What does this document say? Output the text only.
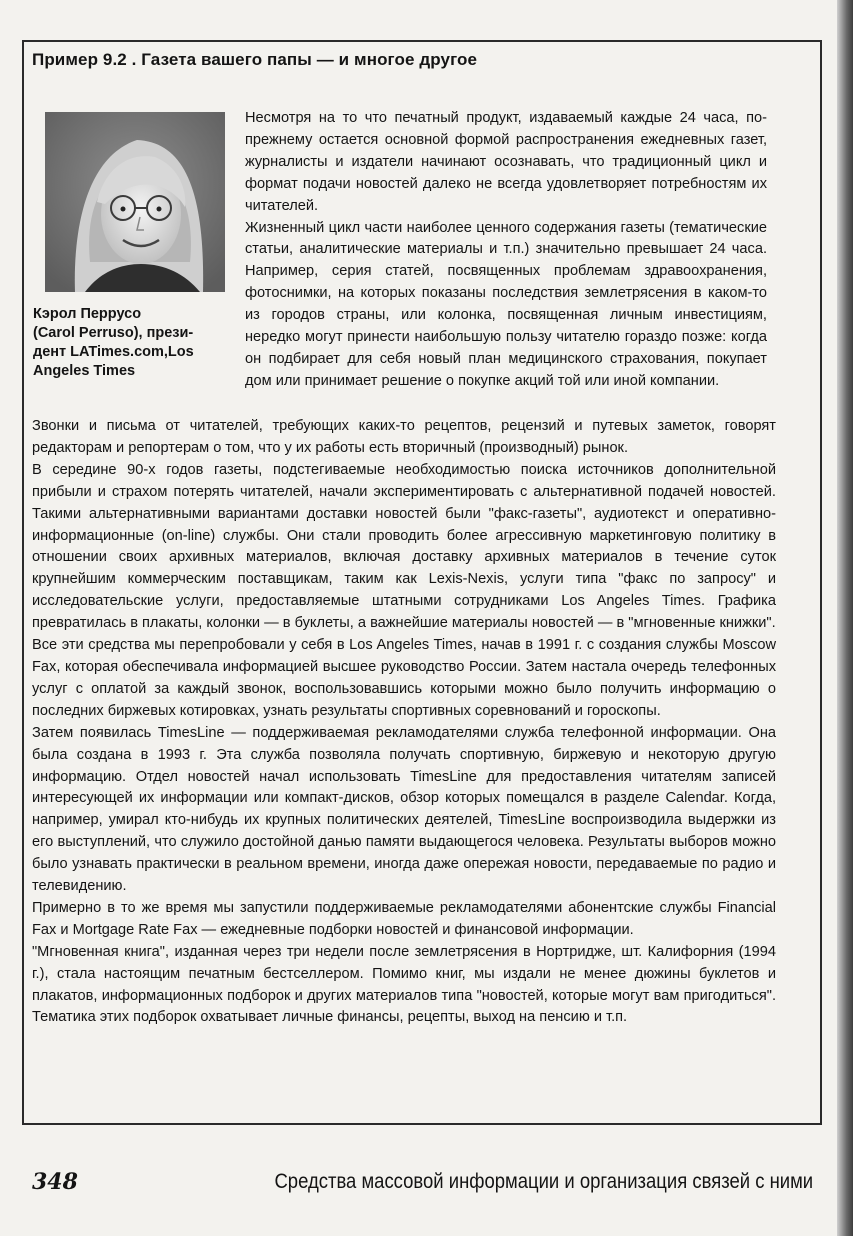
Пример 9.2 . Газета вашего папы — и многое другое
Кэрол Перрусо
(Carol Perruso), прези-
дент LATimes.com,Los
Angeles Times

Несмотря на то что печатный продукт, издаваемый каждые 24 часа, по-прежнему остается основной формой распространения ежедневных газет, журналисты и издатели начинают осознавать, что традиционный цикл и формат подачи новостей далеко не всегда удовлетворяет потребностям их читателей.

Жизненный цикл части наиболее ценного содержания газеты (тематические статьи, аналитические материалы и т.п.) значительно превышает 24 часа. Например, серия статей, посвященных проблемам здравоохранения, фотоснимки, на которых показаны последствия землетрясения в каком-то из городов страны, или колонка, посвященная личным инвестициям, нередко могут принести наибольшую пользу читателю гораздо позже: когда он подбирает для себя новый план медицинского страхования, покупает дом или принимает решение о покупке акций той или иной компании.

Звонки и письма от читателей, требующих каких-то рецептов, рецензий и путевых заметок, говорят редакторам и репортерам о том, что у их работы есть вторичный (производный) рынок.

В середине 90-х годов газеты, подстегиваемые необходимостью поиска источников дополнительной прибыли и страхом потерять читателей, начали экспериментировать с альтернативной подачей новостей. Такими альтернативными вариантами доставки новостей были "факс-газеты", аудиотекст и оперативно-информационные (on-line) службы. Они стали проводить более агрессивную маркетинговую политику в отношении своих архивных материалов, включая доставку архивных материалов в течение суток крупнейшим коммерческим поставщикам, таким как Lexis-Nexis, услуги типа "факс по запросу" и исследовательские услуги, предоставляемые штатными сотрудниками Los Angeles Times. Графика превратилась в плакаты, колонки — в буклеты, а важнейшие материалы новостей — в "мгновенные книжки".

Все эти средства мы перепробовали у себя в Los Angeles Times, начав в 1991 г. с создания службы Moscow Fax, которая обеспечивала информацией высшее руководство России. Затем настала очередь телефонных услуг с оплатой за каждый звонок, воспользовавшись которыми можно было получить информацию о последних биржевых котировках, узнать результаты спортивных соревнований и гороскопы.

Затем появилась TimesLine — поддерживаемая рекламодателями служба телефонной информации. Она была создана в 1993 г. Эта служба позволяла получать спортивную, биржевую и некоторую другую информацию. Отдел новостей начал использовать TimesLine для предоставления читателям записей интересующей их информации или компакт-дисков, обзор которых помещался в разделе Calendar. Когда, например, умирал кто-нибудь их крупных политических деятелей, TimesLine воспроизводила выдержки из его выступлений, что служило достойной данью памяти выдающегося человека. Результаты выборов можно было узнавать практически в реальном времени, иногда даже опережая новости, передаваемые по радио и телевидению.

Примерно в то же время мы запустили поддерживаемые рекламодателями абонентские службы Financial Fax и Mortgage Rate Fax — ежедневные подборки новостей и финансовой информации.

"Мгновенная книга", изданная через три недели после землетрясения в Нортридже, шт. Калифорния (1994 г.), стала настоящим печатным бестселлером. Помимо книг, мы издали не менее дюжины буклетов и плакатов, информационных подборок и других материалов типа "новостей, которые могут вам пригодиться". Тематика этих подборок охватывает личные финансы, рецепты, выход на пенсию и т.п.

348	Средства массовой информации и организация связей с ними
